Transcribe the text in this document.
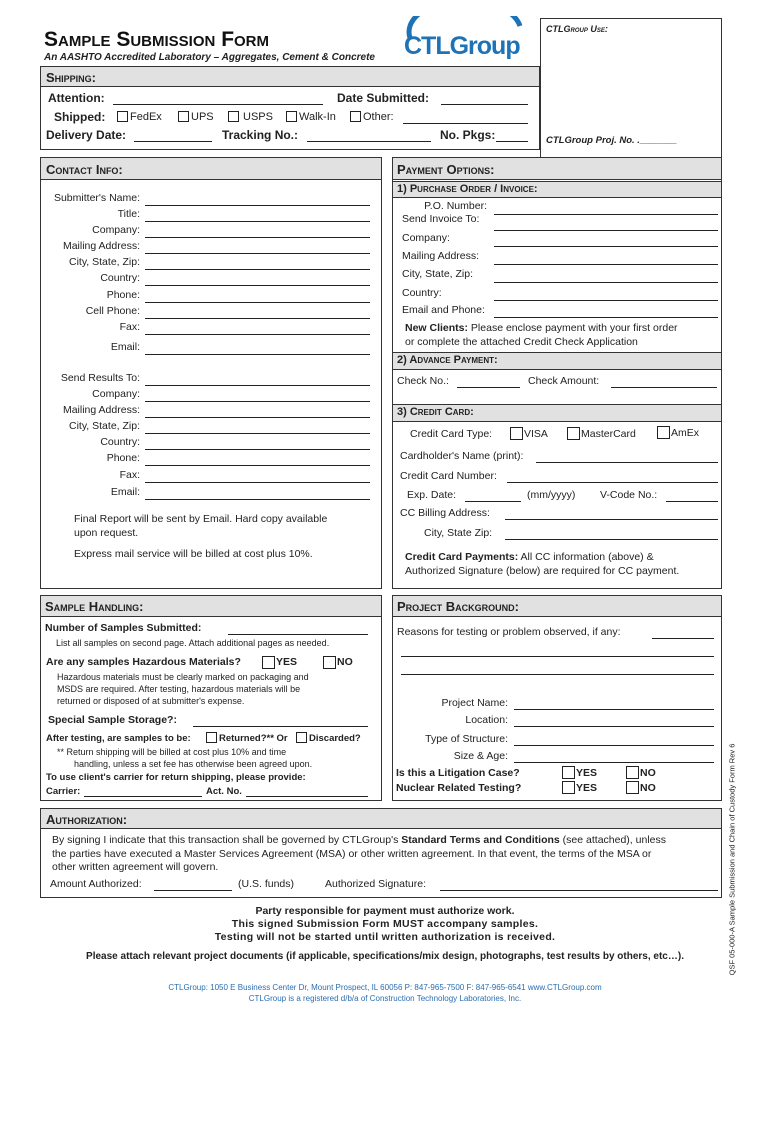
Sample Submission Form
An AASHTO Accredited Laboratory – Aggregates, Cement & Concrete CTLGroup
CTLGroup Use:
CTLGroup Proj. No. ._______
Shipping:
Attention:	Date Submitted:
Shipped: FedEx	UPS	USPS Walk-In Other:
Delivery Date:	Tracking No.:	No. Pkgs:
Contact Info:
Submitter's Name:
Title:
Company:
Mailing Address:
City, State, Zip:
Country:
Phone:
Cell Phone:
Fax:
Email:
Send Results To:
Company:
Mailing Address:
City, State, Zip:
Country:
Phone:
Fax:
Email:
Final Report will be sent by Email. Hard copy available
upon request.
Express mail service will be billed at cost plus 10%.
Payment Options:
1) Purchase Order / Invoice:
P.O. Number:
Send Invoice To:
Company:
Mailing Address:
City, State, Zip:
Country:
Email and Phone:
New Clients: Please enclose payment with your first order
or complete the attached Credit Check Application
2) Advance Payment:
Check No.:	Check Amount:
3) Credit Card:
Credit Card Type:	VISA	MasterCard	AmEx
Cardholder's Name (print):
Credit Card Number:
Exp. Date:	(mm/yyyy) V-Code No.:
CC Billing Address:
City, State Zip:
Credit Card Payments: All CC information (above) &
Authorized Signature (below) are required for CC payment.
Sample Handling:
Number of Samples Submitted:
List all samples on second page. Attach additional pages as needed.
Are any samples Hazardous Materials?	YES	NO
Hazardous materials must be clearly marked on packaging and
MSDS are required. After testing, hazardous materials will be
returned or disposed of at submitter's expense.
Special Sample Storage?:
After testing, are samples to be:	Returned?** Or Discarded?
** Return shipping will be billed at cost plus 10% and time
handling, unless a set fee has otherwise been agreed upon.
To use client's carrier for return shipping, please provide:
Carrier:	Act. No.
Project Background:
Reasons for testing or problem observed, if any:
Project Name:
Location:
Type of Structure:
Size & Age:
Is this a Litigation Case?	YES	NO
Nuclear Related Testing?	YES	NO
Authorization:
By signing I indicate that this transaction shall be governed by CTLGroup's Standard Terms and Conditions (see attached), unless
the parties have executed a Master Services Agreement (MSA) or other written agreement. In that event, the terms of the MSA or
other written agreement will govern.
Amount Authorized:	(U.S. funds)	Authorized Signature:
Party responsible for payment must authorize work.
This signed Submission Form MUST accompany samples.
Testing will not be started until written authorization is received.
Please attach relevant project documents (if applicable, specifications/mix design, photographs, test results by others, etc…).
CTLGroup: 1050 E Business Center Dr, Mount Prospect, IL 60056 P: 847-965-7500 F: 847-965-6541 www.CTLGroup.com
CTLGroup is a registered d/b/a of Construction Technology Laboratories, Inc.
QSF 05-000-A Sample Submission and Chain of Custody Form Rev 6
